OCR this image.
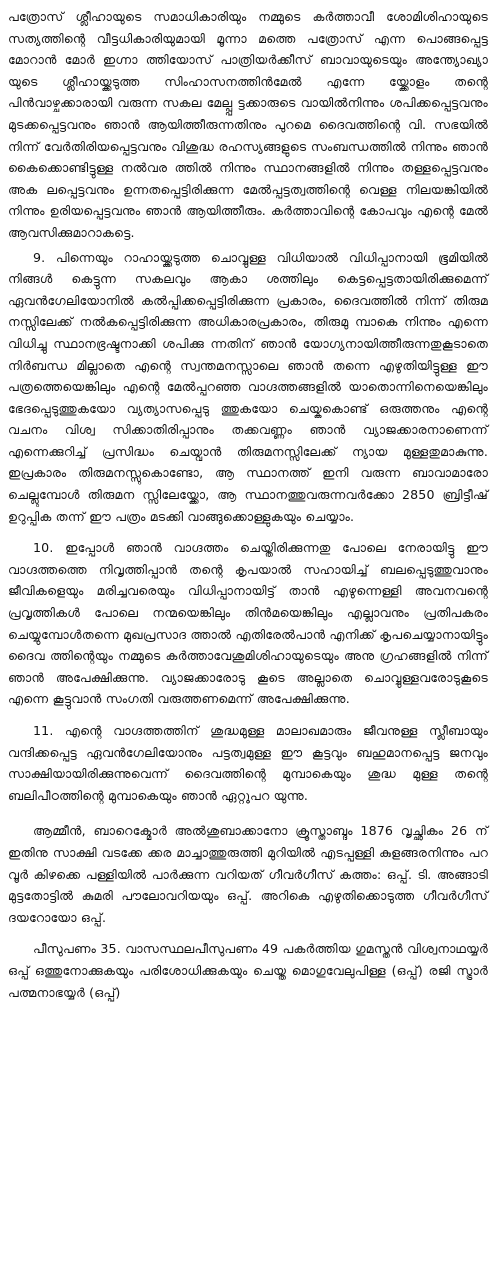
പത്രോസ് ശ്ലീഹായുടെ സമാധികാരിയും നമ്മുടെ കർത്താവീ ശോമിശിഹായുടെ സത്യത്തിന്റെ വീട്ടധികാരിയുമായി മൂന്നാ മത്തെ പത്രോസ് എന്ന പൊങ്ങപ്പെട്ട മോറാൻ മോർ ഇഗ്നാ ത്തിയോസ് പാത്രിയർക്കീസ് ബാവായുടെയും അന്ത്യോഖ്യാ യുടെ ശ്ലീഹായ്ക്കടുത്ത സിംഹാസനത്തിൻമേൽ എന്നേ യ്ക്കോളം തന്റെ പിൻവാഴ്ചക്കാരായി വരുന്ന സകല മേല്പ്പ ട്ടക്കാരുടെ വായിൽനിന്നും ശപിക്കപ്പെട്ടവനും മുടക്കപ്പെട്ടവനും ഞാൻ ആയിത്തീരുന്നതിനും പുറമെ ദൈവത്തിന്റെ വി. സഭയിൽ നിന്ന് വേർതിരിയപ്പെട്ടവനും വിശുദ്ധ രഹസ്യങ്ങളുടെ സംബന്ധത്തിൽ നിന്നും ഞാൻ കൈക്കൊണ്ടിട്ടുള്ള നൽവര ത്തിൽ നിന്നും സ്ഥാനങ്ങളിൽ നിന്നും തള്ളപ്പെട്ടവനും അക ലപ്പെട്ടവനും ഉന്നതപ്പെട്ടിരിക്കുന്ന മേൽപ്പട്ടത്വത്തിന്റെ വെള്ള നിലയങ്കിയിൽ നിന്നും ഉരിയപ്പെട്ടവനും ഞാൻ ആയിത്തീരും. കർത്താവിന്റെ കോപവും എന്റെ മേൽ ആവസിക്കുമാറാകട്ടെ.

9. പിന്നെയും റാഹായ്ക്കടുത്ത ചൊവ്വുള്ള വിധിയാൽ വിധിപ്പാനായി ഭൂമിയിൽ നിങ്ങൾ കെട്ടുന്ന സകലവും ആകാ ശത്തിലും കെട്ടപ്പെട്ടതായിരിക്കുമെന്ന് ഏവൻഗേലിയോനിൽ കൽപ്പിക്കപ്പെട്ടിരിക്കുന്ന പ്രകാരം, ദൈവത്തിൽ നിന്ന് തിരുമ നസ്സിലേക്ക് നൽകപ്പെട്ടിരിക്കുന്ന അധികാരപ്രകാരം, തിരുമു മ്പാകെ നിന്നും എന്നെ വിധിച്ചു സ്ഥാനഭ്രഷ്ടനാക്കി ശപിക്കു ന്നതിന് ഞാൻ യോഗ്യനായിത്തീരുന്നതുകൂടാതെ നിർബന്ധ മില്ലാതെ എന്റെ സ്വന്തമനസ്സാലെ ഞാൻ തന്നെ എഴുതിയിട്ടുള്ള ഈ പത്രത്തെയെങ്കിലും എന്റെ മേൽപ്പറഞ്ഞ വാഗ്ദത്തങ്ങളിൽ യാതൊന്നിനെയെങ്കിലും ഭേദപ്പെടുത്തുകയോ വ്യത്യാസപ്പെടു ത്തുകയോ ചെയ്കകൊണ്ട് ഒരുത്തനും എന്റെ വചനം വിശ്വ സിക്കാതിരിപ്പാനും തക്കവണ്ണം ഞാൻ വ്യാജക്കാരനാണെന്ന് എന്നെക്കുറിച്ച് പ്രസിദ്ധം ചെയ്വാൻ തിരുമനസ്സിലേക്ക് ന്യായ മുള്ളതുമാകുന്നു. ഇപ്രകാരം തിരുമനസ്സുകൊണ്ടോ, ആ സ്ഥാനത്ത് ഇനി വരുന്ന ബാവാമാരോ ചെല്ലുമ്പോൾ തിരുമന സ്സിലേയ്ക്കോ, ആ സ്ഥാനത്തുവരുന്നവർക്കോ 2850 ബ്രിട്ടീഷ് ഉറുപ്പിക തന്ന് ഈ പത്രം മടക്കി വാങ്ങുക്കൊള്ളുകയും ചെയ്യാം.

10. ഇപ്പോൾ ഞാൻ വാഗ്ദത്തം ചെയ്തിരിക്കുന്നതു പോലെ നേരായിട്ടു ഈ വാഗ്ദത്തത്തെ നിവൃത്തിപ്പാൻ തന്റെ കൃപയാൽ സഹായിച്ച് ബലപ്പെടുത്തുവാനും ജീവികളെയും മരിച്ചവരെയും വിധിപ്പാനായിട്ട് താൻ എഴുന്നെള്ളി അവനവന്റെ പ്രവൃത്തികൾ പോലെ നന്മയെങ്കിലും തിൻമയെങ്കിലും എല്ലാവനും പ്രതിപകരം ചെയ്യുമ്പോൾതന്നെ മുഖപ്രസാദ ത്താൽ എതിരേൽപാൻ എനിക്ക് കൃപചെയ്യാനായിട്ടും ദൈവ ത്തിന്റെയും നമ്മുടെ കർത്താവേശുമിശിഹായുടെയും അനു ഗ്രഹങ്ങളിൽ നിന്ന് ഞാൻ അപേക്ഷിക്കുന്നു. വ്യാജക്കാരോടു കൂടെ അല്ലാതെ ചൊവ്വുള്ളവരോടുകൂടെ എന്നെ കൂട്ടുവാൻ സംഗതി വരുത്തണമെന്ന് അപേക്ഷിക്കുന്നു.

11. എന്റെ വാഗ്ദത്തത്തിന് ശുദ്ധമുള്ള മാലാഖമാരും ജീവനുള്ള സ്ലീബായും വന്ദിക്കപ്പെട്ട ഏവൻഗേലിയോനും പട്ടത്വമുള്ള ഈ കൂട്ടവും ബഹുമാനപ്പെട്ട ജനവും സാക്ഷിയായിരിക്കുന്നുവെന്ന് ദൈവത്തിന്റെ മുമ്പാകെയും ശുദ്ധ മുള്ള തന്റെ ബലിപീഠത്തിന്റെ മുമ്പാകെയും ഞാൻ ഏറ്റുപറ യുന്നു.

ആമ്മീൻ, ബാറെക്മോർ അൽശുബാക്കാനോ ക്രൂസ്താബ്ദം 1876 വൃച്ഛികം 26 ന് ഇതിനു സാക്ഷി വടക്കേ ക്കര മാച്ചാത്തുരുത്തി മുറിയിൽ എടപ്പള്ളി കുളങ്ങരനിന്നും പറ വൂർ കിഴക്കെ പള്ളിയിൽ പാർക്കുന്ന വറിയത് ഗീവർഗീസ് കത്തം: ഒപ്പ്. ടി. അങ്ങാടി മുട്ടതോട്ടിൽ കുമരി പൗലോവറിയയും ഒപ്പ്. അറികെ എഴുതിക്കൊടുത്ത ഗീവർഗീസ് ദയറോയോ ഒപ്പ്.

പീസുപണം 35. വാസസ്ഥലപീസുപണം 49 പകർത്തിയ ഗുമസ്തൻ വിശ്വനാഥയ്യർ ഒപ്പ് ഒത്തുനോക്കുകയും പരിശോധിക്കുകയും ചെയ്ത മൊഗുവേലുപിള്ള (ഒപ്പ്) രജി സ്ട്രാർ പത്മനാഭയ്യർ (ഒപ്പ്)
